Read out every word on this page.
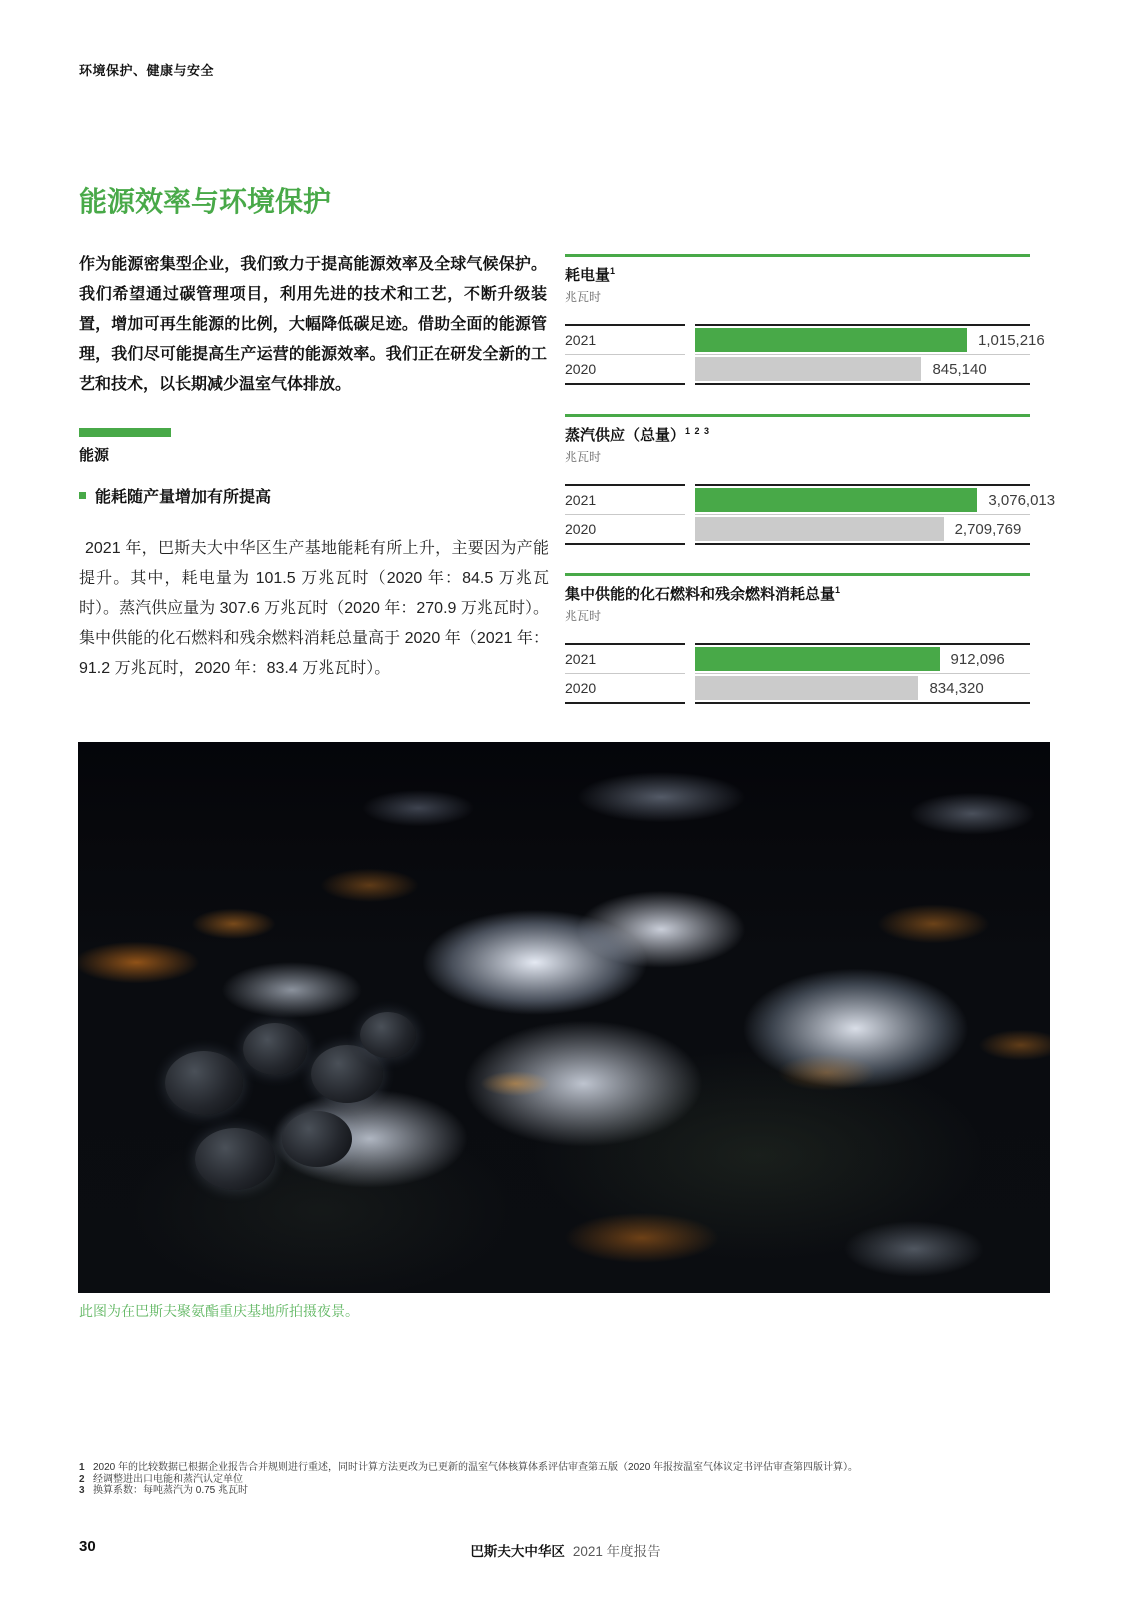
环境保护、健康与安全
能源效率与环境保护

作为能源密集型企业，我们致力于提高能源效率及全球气候保护。我们希望通过碳管理项目，利用先进的技术和工艺，不断升级装置，增加可再生能源的比例，大幅降低碳足迹。借助全面的能源管理，我们尽可能提高生产运营的能源效率。我们正在研发全新的工艺和技术，以长期减少温室气体排放。

能源
能耗随产量增加有所提高

2021 年，巴斯夫大中华区生产基地能耗有所上升，主要因为产能提升。其中，耗电量为 101.5 万兆瓦时（2020 年：84.5 万兆瓦时）。蒸汽供应量为 307.6 万兆瓦时（2020 年：270.9 万兆瓦时）。集中供能的化石燃料和残余燃料消耗总量高于 2020 年（2021 年：91.2 万兆瓦时，2020 年：83.4 万兆瓦时）。

耗电量$^1$
兆瓦时
2021
2020
1,015,216
845,140
蒸汽供应（总量）$^{1 2 3}$
兆瓦时
2021
2020
3,076,013
2,709,769
集中供能的化石燃料和残余燃料消耗总量$^1$
兆瓦时
2021
2020
912,096
834,320
此图为在巴斯夫聚氨酯重庆基地所拍摄夜景。
1 2020 年的比较数据已根据企业报告合并规则进行重述，同时计算方法更改为已更新的温室气体核算体系评估审查第五版（2020 年报按温室气体议定书评估审查第四版计算）。
2 经调整进出口电能和蒸汽认定单位
3 换算系数：每吨蒸汽为 0.75 兆瓦时
30	巴斯夫大中华区 2021 年度报告
